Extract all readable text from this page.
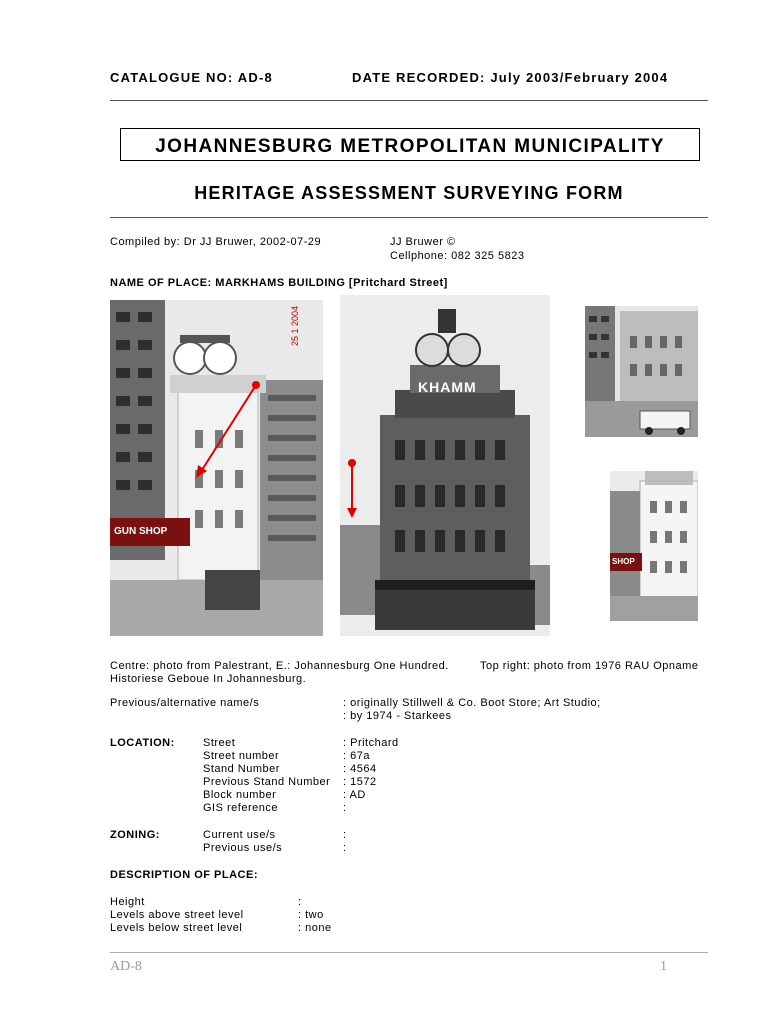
CATALOGUE NO: AD-8	DATE RECORDED: July 2003/February 2004
JOHANNESBURG METROPOLITAN MUNICIPALITY
HERITAGE ASSESSMENT SURVEYING FORM
Compiled by: Dr JJ Bruwer, 2002-07-29	JJ Bruwer ©
Cellphone: 082 325 5823
NAME OF PLACE: MARKHAMS BUILDING [Pritchard Street]
GUN SHOP
25 1 2004
KHAMM
SHOP
Centre: photo from Palestrant, E.: Johannesburg One Hundred.	Top right: photo from 1976 RAU Opname
Historiese Geboue In Johannesburg.
Previous/alternative name/s	: originally Stillwell & Co. Boot Store; Art Studio;
: by 1974 - Starkees
LOCATION:	Street	: Pritchard
Street number	: 67a
Stand Number	: 4564
Previous Stand Number : 1572
Block number	: AD
GIS reference	:
ZONING:	Current use/s	:
Previous use/s	:
DESCRIPTION OF PLACE:
Height	:
Levels above street level	: two
Levels below street level	: none
AD-8	1
